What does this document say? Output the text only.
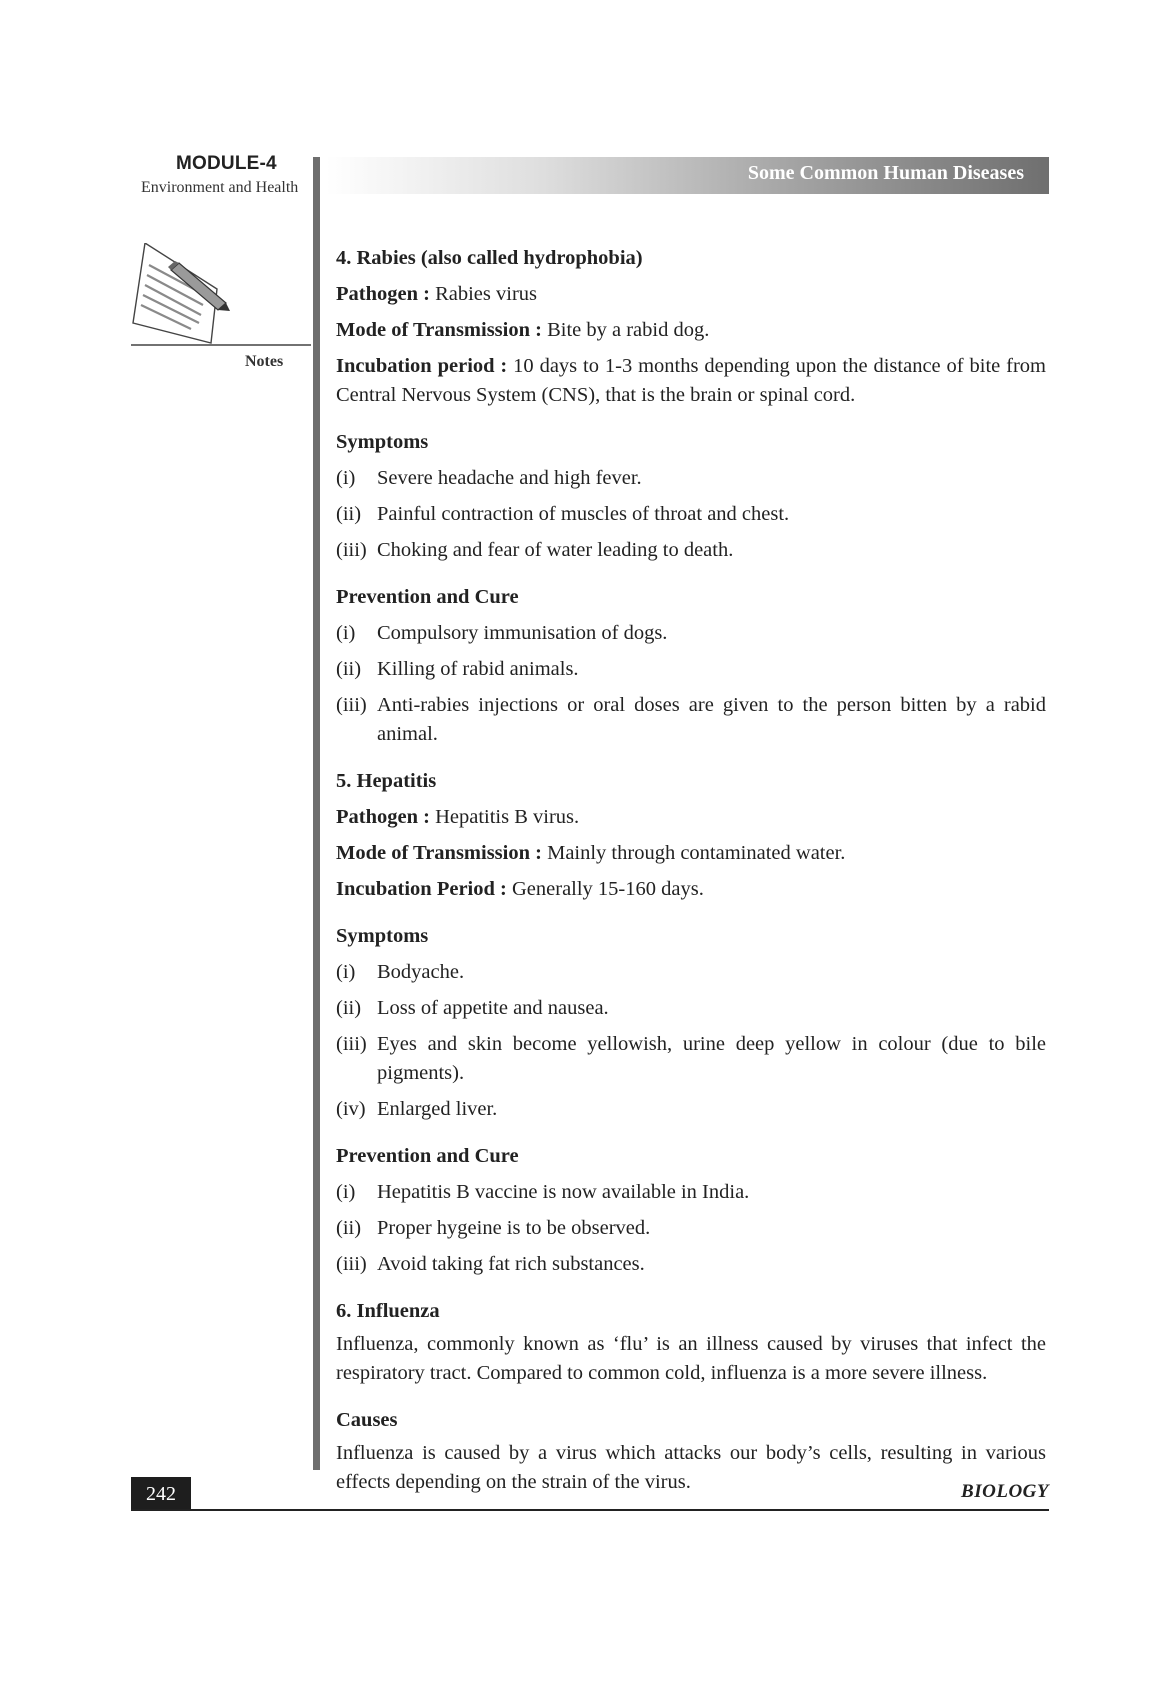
MODULE-4
Environment and Health
Notes
Some Common Human Diseases

4. Rabies (also called hydrophobia)

Pathogen : Rabies virus

Mode of Transmission : Bite by a rabid dog.

Incubation period : 10 days to 1-3 months depending upon the distance of bite from Central Nervous System (CNS), that is the brain or spinal cord.

Symptoms

(i)	Severe headache and high fever.
(ii) Painful contraction of muscles of throat and chest.
(iii) Choking and fear of water leading to death.

Prevention and Cure

(i)	Compulsory immunisation of dogs.
(ii) Killing of rabid animals.
(iii) Anti-rabies injections or oral doses are given to the person bitten by a rabid animal.

5. Hepatitis

Pathogen : Hepatitis B virus.

Mode of Transmission : Mainly through contaminated water.

Incubation Period : Generally 15-160 days.

Symptoms

(i)	Bodyache.
(ii) Loss of appetite and nausea.
(iii) Eyes and skin become yellowish, urine deep yellow in colour (due to bile pigments).
(iv) Enlarged liver.

Prevention and Cure

(i)	Hepatitis B vaccine is now available in India.
(ii) Proper hygeine is to be observed.
(iii) Avoid taking fat rich substances.

6. Influenza

Influenza, commonly known as ‘flu’ is an illness caused by viruses that infect the respiratory tract. Compared to common cold, influenza is a more severe illness.

Causes

Influenza is caused by a virus which attacks our body’s cells, resulting in various effects depending on the strain of the virus.

242	BIOLOGY
